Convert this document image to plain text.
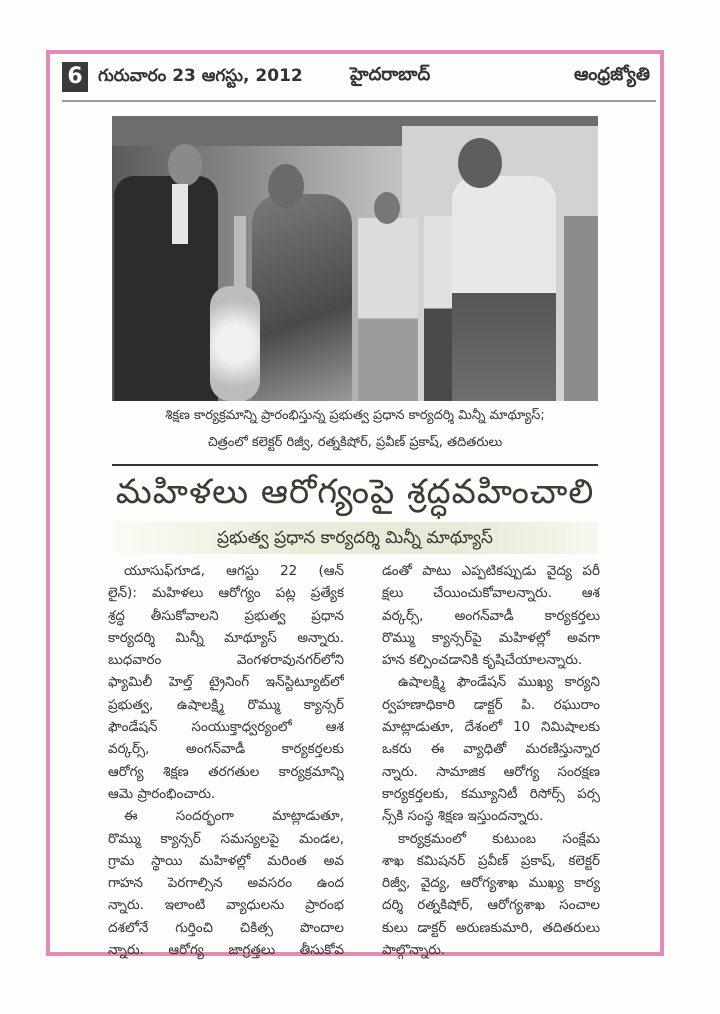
6 గురువారం 23 ఆగస్టు, 2012	హైదరాబాద్	ఆంధ్రజ్యోతి
శిక్షణ కార్యక్రమాన్ని ప్రారంభిస్తున్న ప్రభుత్వ ప్రధాన కార్యదర్శి మిన్నీ మాథ్యూస్;
చిత్రంలో కలెక్టర్ రిజ్వీ, రత్నకిషోర్, ప్రవీణ్ ప్రకాష్, తదితరులు
మహిళలు ఆరోగ్యంపై శ్రద్ధవహించాలి
ప్రభుత్వ ప్రధాన కార్యదర్శి మిన్నీ మాథ్యూస్
యూసుఫ్‌గూడ, ఆగస్టు 22 (ఆన్
లైన్): మహిళలు ఆరోగ్యం పట్ల ప్రత్యేక
శ్రద్ధ తీసుకోవాలని ప్రభుత్వ ప్రధాన
కార్యదర్శి మిన్నీ మాథ్యూస్ అన్నారు.
బుధవారం వెంగళరావునగర్‌లోని
ఫ్యామిలీ హెల్త్ ట్రైనింగ్ ఇన్‌స్టిట్యూట్‌లో
ప్రభుత్వ, ఉషాలక్ష్మి రొమ్ము క్యాన్సర్
ఫౌండేషన్ సంయుక్తాధ్వర్యంలో ఆశ
వర్కర్స్, అంగన్‌వాడీ కార్యకర్తలకు
ఆరోగ్య శిక్షణ తరగతుల కార్యక్రమాన్ని
ఆమె ప్రారంభించారు.
ఈ సందర్భంగా మాట్లాడుతూ,
రొమ్ము క్యాన్సర్ సమస్యలపై మండల,
గ్రామ స్థాయి మహిళల్లో మరింత అవ
గాహన పెరగాల్సిన అవసరం ఉంద
న్నారు. ఇలాంటి వ్యాధులను ప్రారంభ
దశలోనే గుర్తించి చికిత్స పొందాల
న్నారు. ఆరోగ్య జాగ్రత్తలు తీసుకోవ
డంతో పాటు ఎప్పటికప్పుడు వైద్య పరీ
క్షలు చేయించుకోవాలన్నారు. ఆశ
వర్కర్స్, అంగన్‌వాడీ కార్యకర్తలు
రొమ్ము క్యాన్సర్‌పై మహిళల్లో అవగా
హన కల్పించడానికి కృషిచేయాలన్నారు.
ఉషాలక్ష్మి ఫౌండేషన్ ముఖ్య కార్యని
ర్వహణాధికారి డాక్టర్ పి. రఘురాం
మాట్లాడుతూ, దేశంలో 10 నిమిషాలకు
ఒకరు ఈ వ్యాధితో మరణిస్తున్నార
న్నారు. సామాజిక ఆరోగ్య సంరక్షణ
కార్యకర్తలకు, కమ్యూనిటీ రిసోర్స్ పర్స
న్స్‌కి సంస్థ శిక్షణ ఇస్తుందన్నారు.
కార్యక్రమంలో కుటుంబ సంక్షేమ
శాఖ కమిషనర్ ప్రవీణ్ ప్రకాష్, కలెక్టర్
రిజ్వీ, వైద్య, ఆరోగ్యశాఖ ముఖ్య కార్య
దర్శి రత్నకిషోర్, ఆరోగ్యశాఖ సంచాల
కులు డాక్టర్ అరుణకుమారి, తదితరులు
పాల్గొన్నారు.
